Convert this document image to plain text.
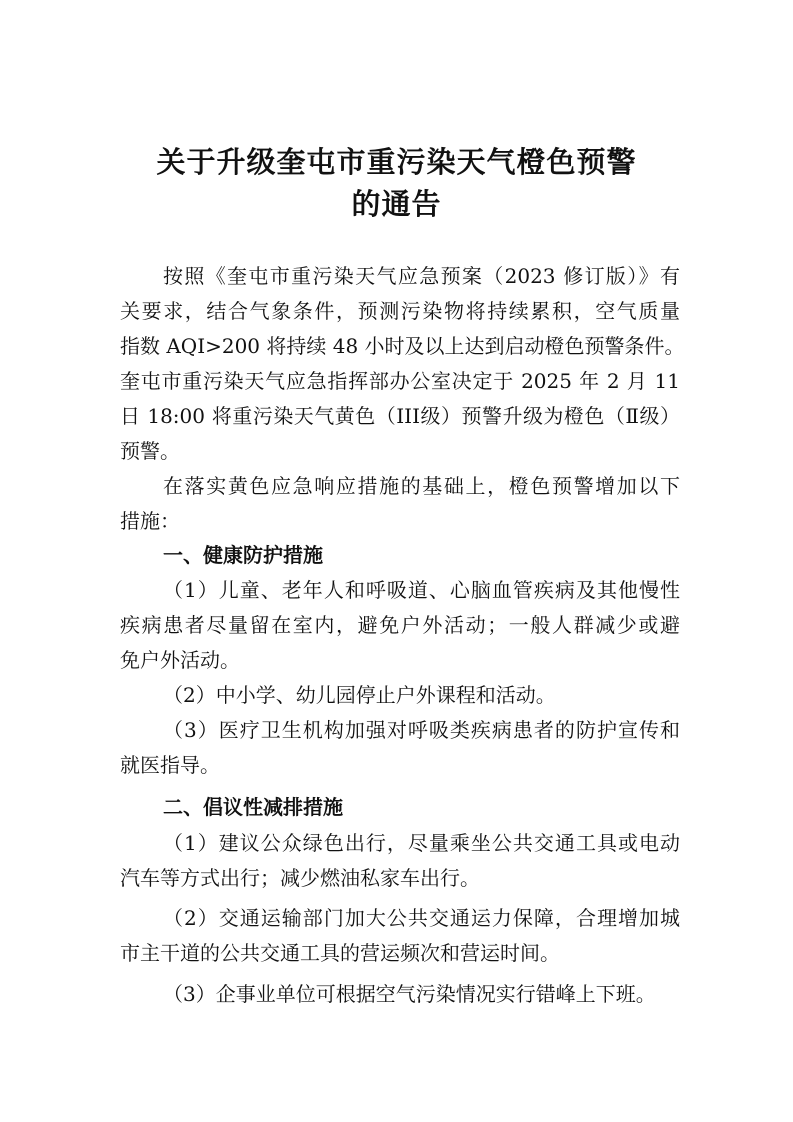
关于升级奎屯市重污染天气橙色预警
的通告

按照《奎屯市重污染天气应急预案（2023 修订版）》有

关要求，结合气象条件，预测污染物将持续累积，空气质量

指数 AQI>200 将持续 48 小时及以上达到启动橙色预警条件。

奎屯市重污染天气应急指挥部办公室决定于 2025 年 2 月 11

日 18:00 将重污染天气黄色（III级）预警升级为橙色（Ⅱ级）

预警。

在落实黄色应急响应措施的基础上，橙色预警增加以下

措施：

一、健康防护措施

（1）儿童、老年人和呼吸道、心脑血管疾病及其他慢性

疾病患者尽量留在室内，避免户外活动；一般人群减少或避

免户外活动。

（2）中小学、幼儿园停止户外课程和活动。

（3）医疗卫生机构加强对呼吸类疾病患者的防护宣传和

就医指导。

二、倡议性减排措施

（1）建议公众绿色出行，尽量乘坐公共交通工具或电动

汽车等方式出行；减少燃油私家车出行。

（2）交通运输部门加大公共交通运力保障，合理增加城

市主干道的公共交通工具的营运频次和营运时间。

（3）企事业单位可根据空气污染情况实行错峰上下班。
